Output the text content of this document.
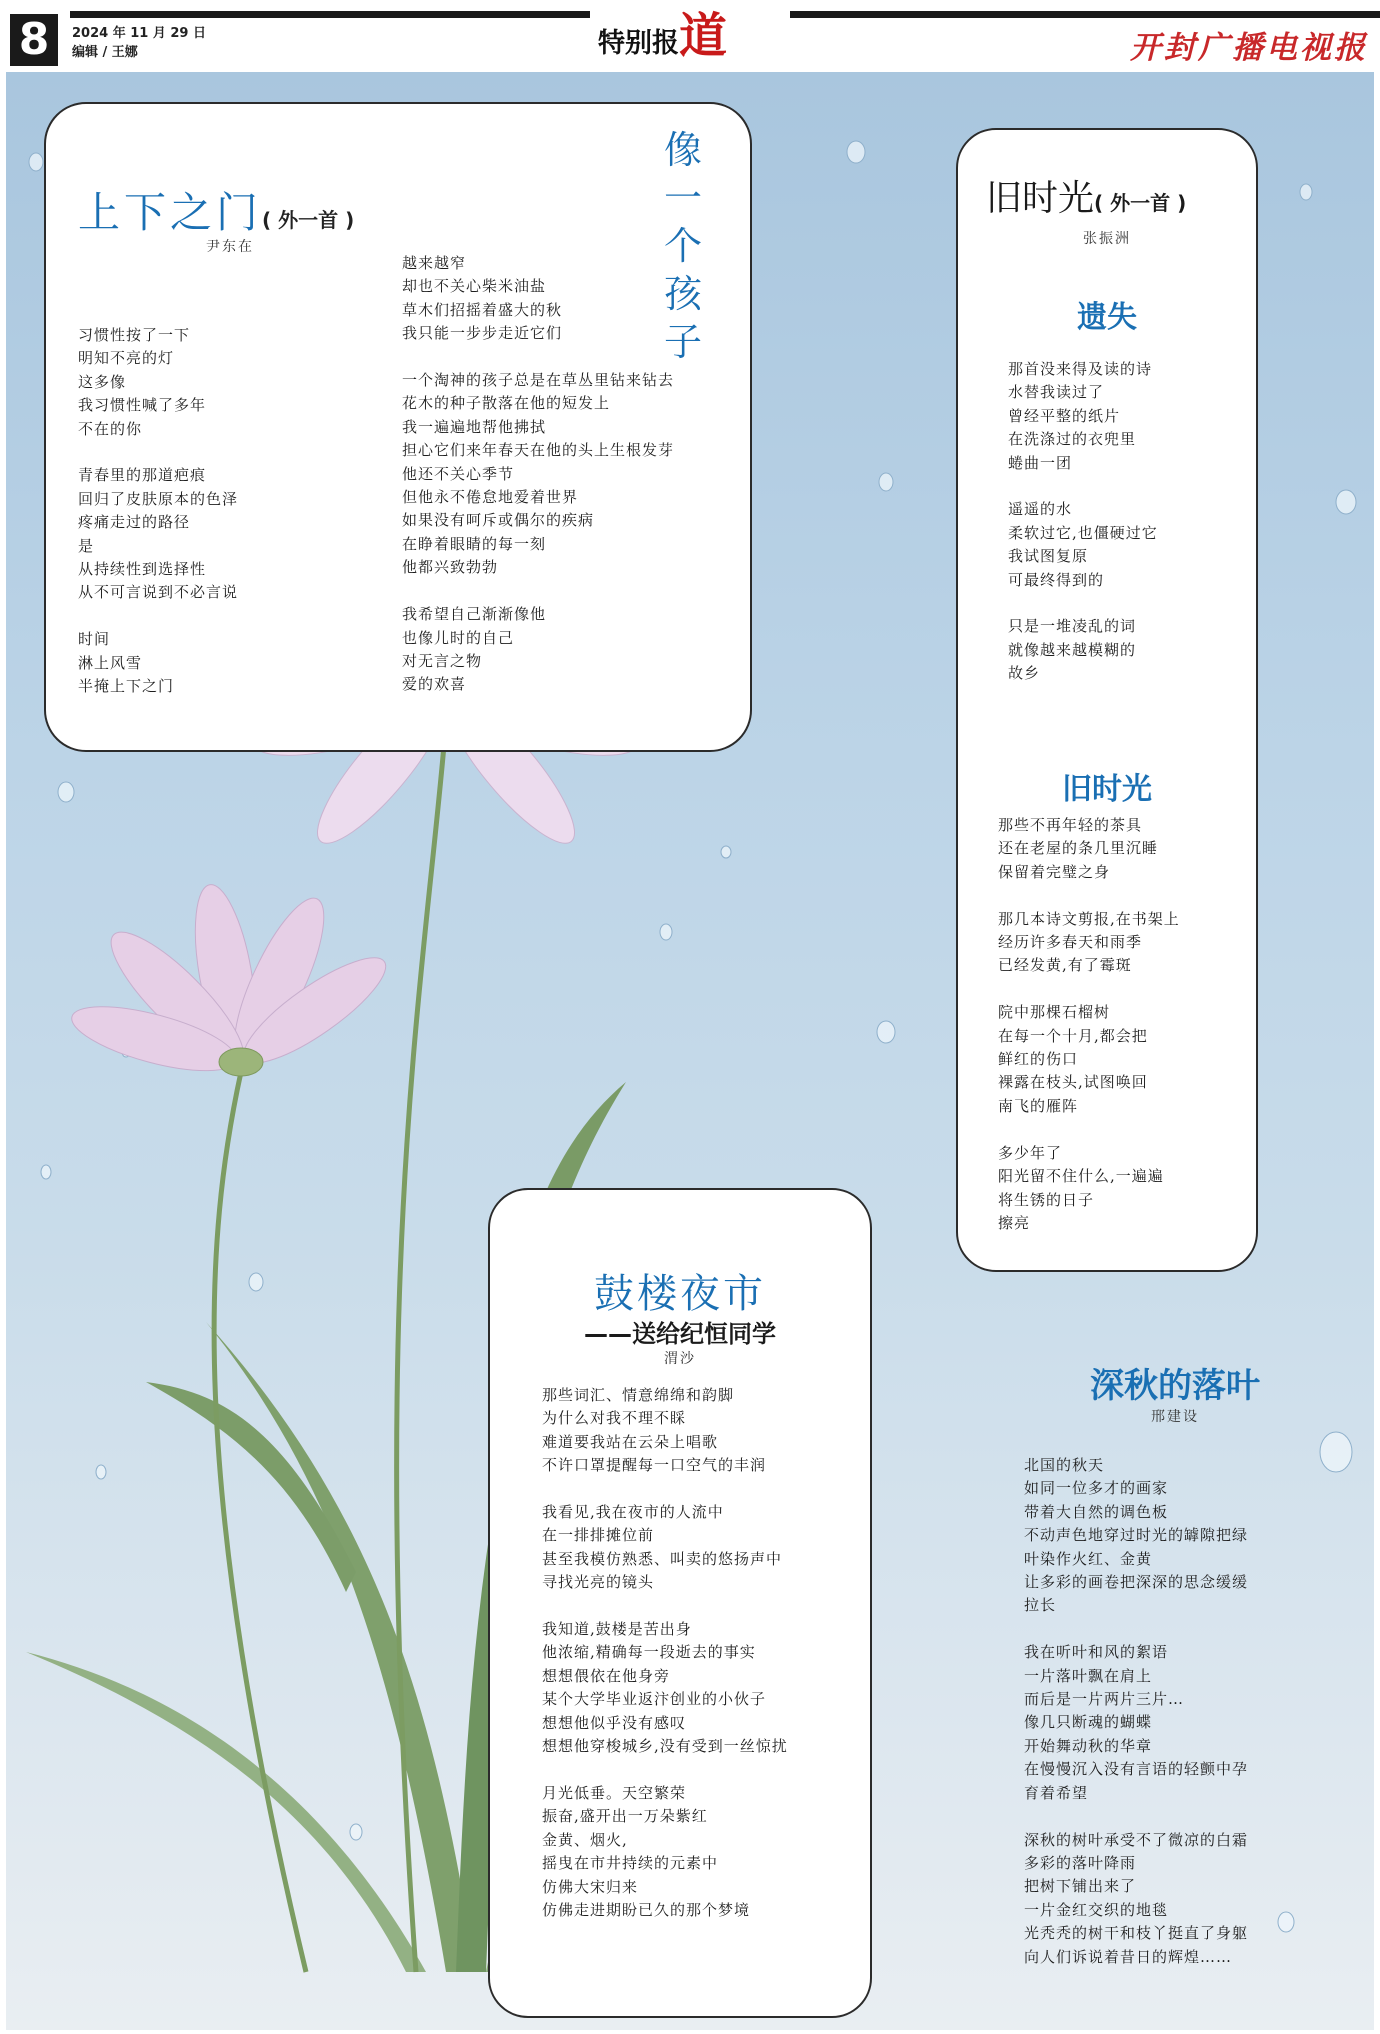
8	2024 年 11 月 29 日
编辑 / 王娜	特别报道	开封广播电视报
上下之门( 外一首 )
尹东在
习惯性按了一下
明知不亮的灯
这多像
我习惯性喊了多年
不在的你

青春里的那道疤痕
回归了皮肤原本的色泽
疼痛走过的路径
是
从持续性到选择性
从不可言说到不必言说

时间
淋上风雪
半掩上下之门
像一个孩子
越来越窄
却也不关心柴米油盐
草木们招摇着盛大的秋
我只能一步步走近它们

一个淘神的孩子总是在草丛里钻来钻去
花木的种子散落在他的短发上
我一遍遍地帮他拂拭
担心它们来年春天在他的头上生根发芽
他还不关心季节
但他永不倦怠地爱着世界
如果没有呵斥或偶尔的疾病
在睁着眼睛的每一刻
他都兴致勃勃

我希望自己渐渐像他
也像儿时的自己
对无言之物
爱的欢喜
旧时光( 外一首 )
张振洲
遗失
那首没来得及读的诗
水替我读过了
曾经平整的纸片
在洗涤过的衣兜里
蜷曲一团

遥遥的水
柔软过它,也僵硬过它
我试图复原
可最终得到的

只是一堆凌乱的词
就像越来越模糊的
故乡
旧时光
那些不再年轻的茶具
还在老屋的条几里沉睡
保留着完璧之身

那几本诗文剪报,在书架上
经历许多春天和雨季
已经发黄,有了霉斑

院中那棵石榴树
在每一个十月,都会把
鲜红的伤口
裸露在枝头,试图唤回
南飞的雁阵

多少年了
阳光留不住什么,一遍遍
将生锈的日子
擦亮
鼓楼夜市
——送给纪恒同学
渭沙
那些词汇、情意绵绵和韵脚
为什么对我不理不睬
难道要我站在云朵上唱歌
不许口罩提醒每一口空气的丰润

我看见,我在夜市的人流中
在一排排摊位前
甚至我模仿熟悉、叫卖的悠扬声中
寻找光亮的镜头

我知道,鼓楼是苦出身
他浓缩,精确每一段逝去的事实
想想偎依在他身旁
某个大学毕业返汴创业的小伙子
想想他似乎没有感叹
想想他穿梭城乡,没有受到一丝惊扰

月光低垂。天空繁荣
振奋,盛开出一万朵紫红
金黄、烟火,
摇曳在市井持续的元素中
仿佛大宋归来
仿佛走进期盼已久的那个梦境
深秋的落叶
邢建设
北国的秋天
如同一位多才的画家
带着大自然的调色板
不动声色地穿过时光的罅隙把绿
叶染作火红、金黄
让多彩的画卷把深深的思念缓缓
拉长

我在听叶和风的絮语
一片落叶飘在肩上
而后是一片两片三片…
像几只断魂的蝴蝶
开始舞动秋的华章
在慢慢沉入没有言语的轻颤中孕
育着希望

深秋的树叶承受不了微凉的白霜
多彩的落叶降雨
把树下铺出来了
一片金红交织的地毯
光秃秃的树干和枝丫挺直了身躯
向人们诉说着昔日的辉煌……
